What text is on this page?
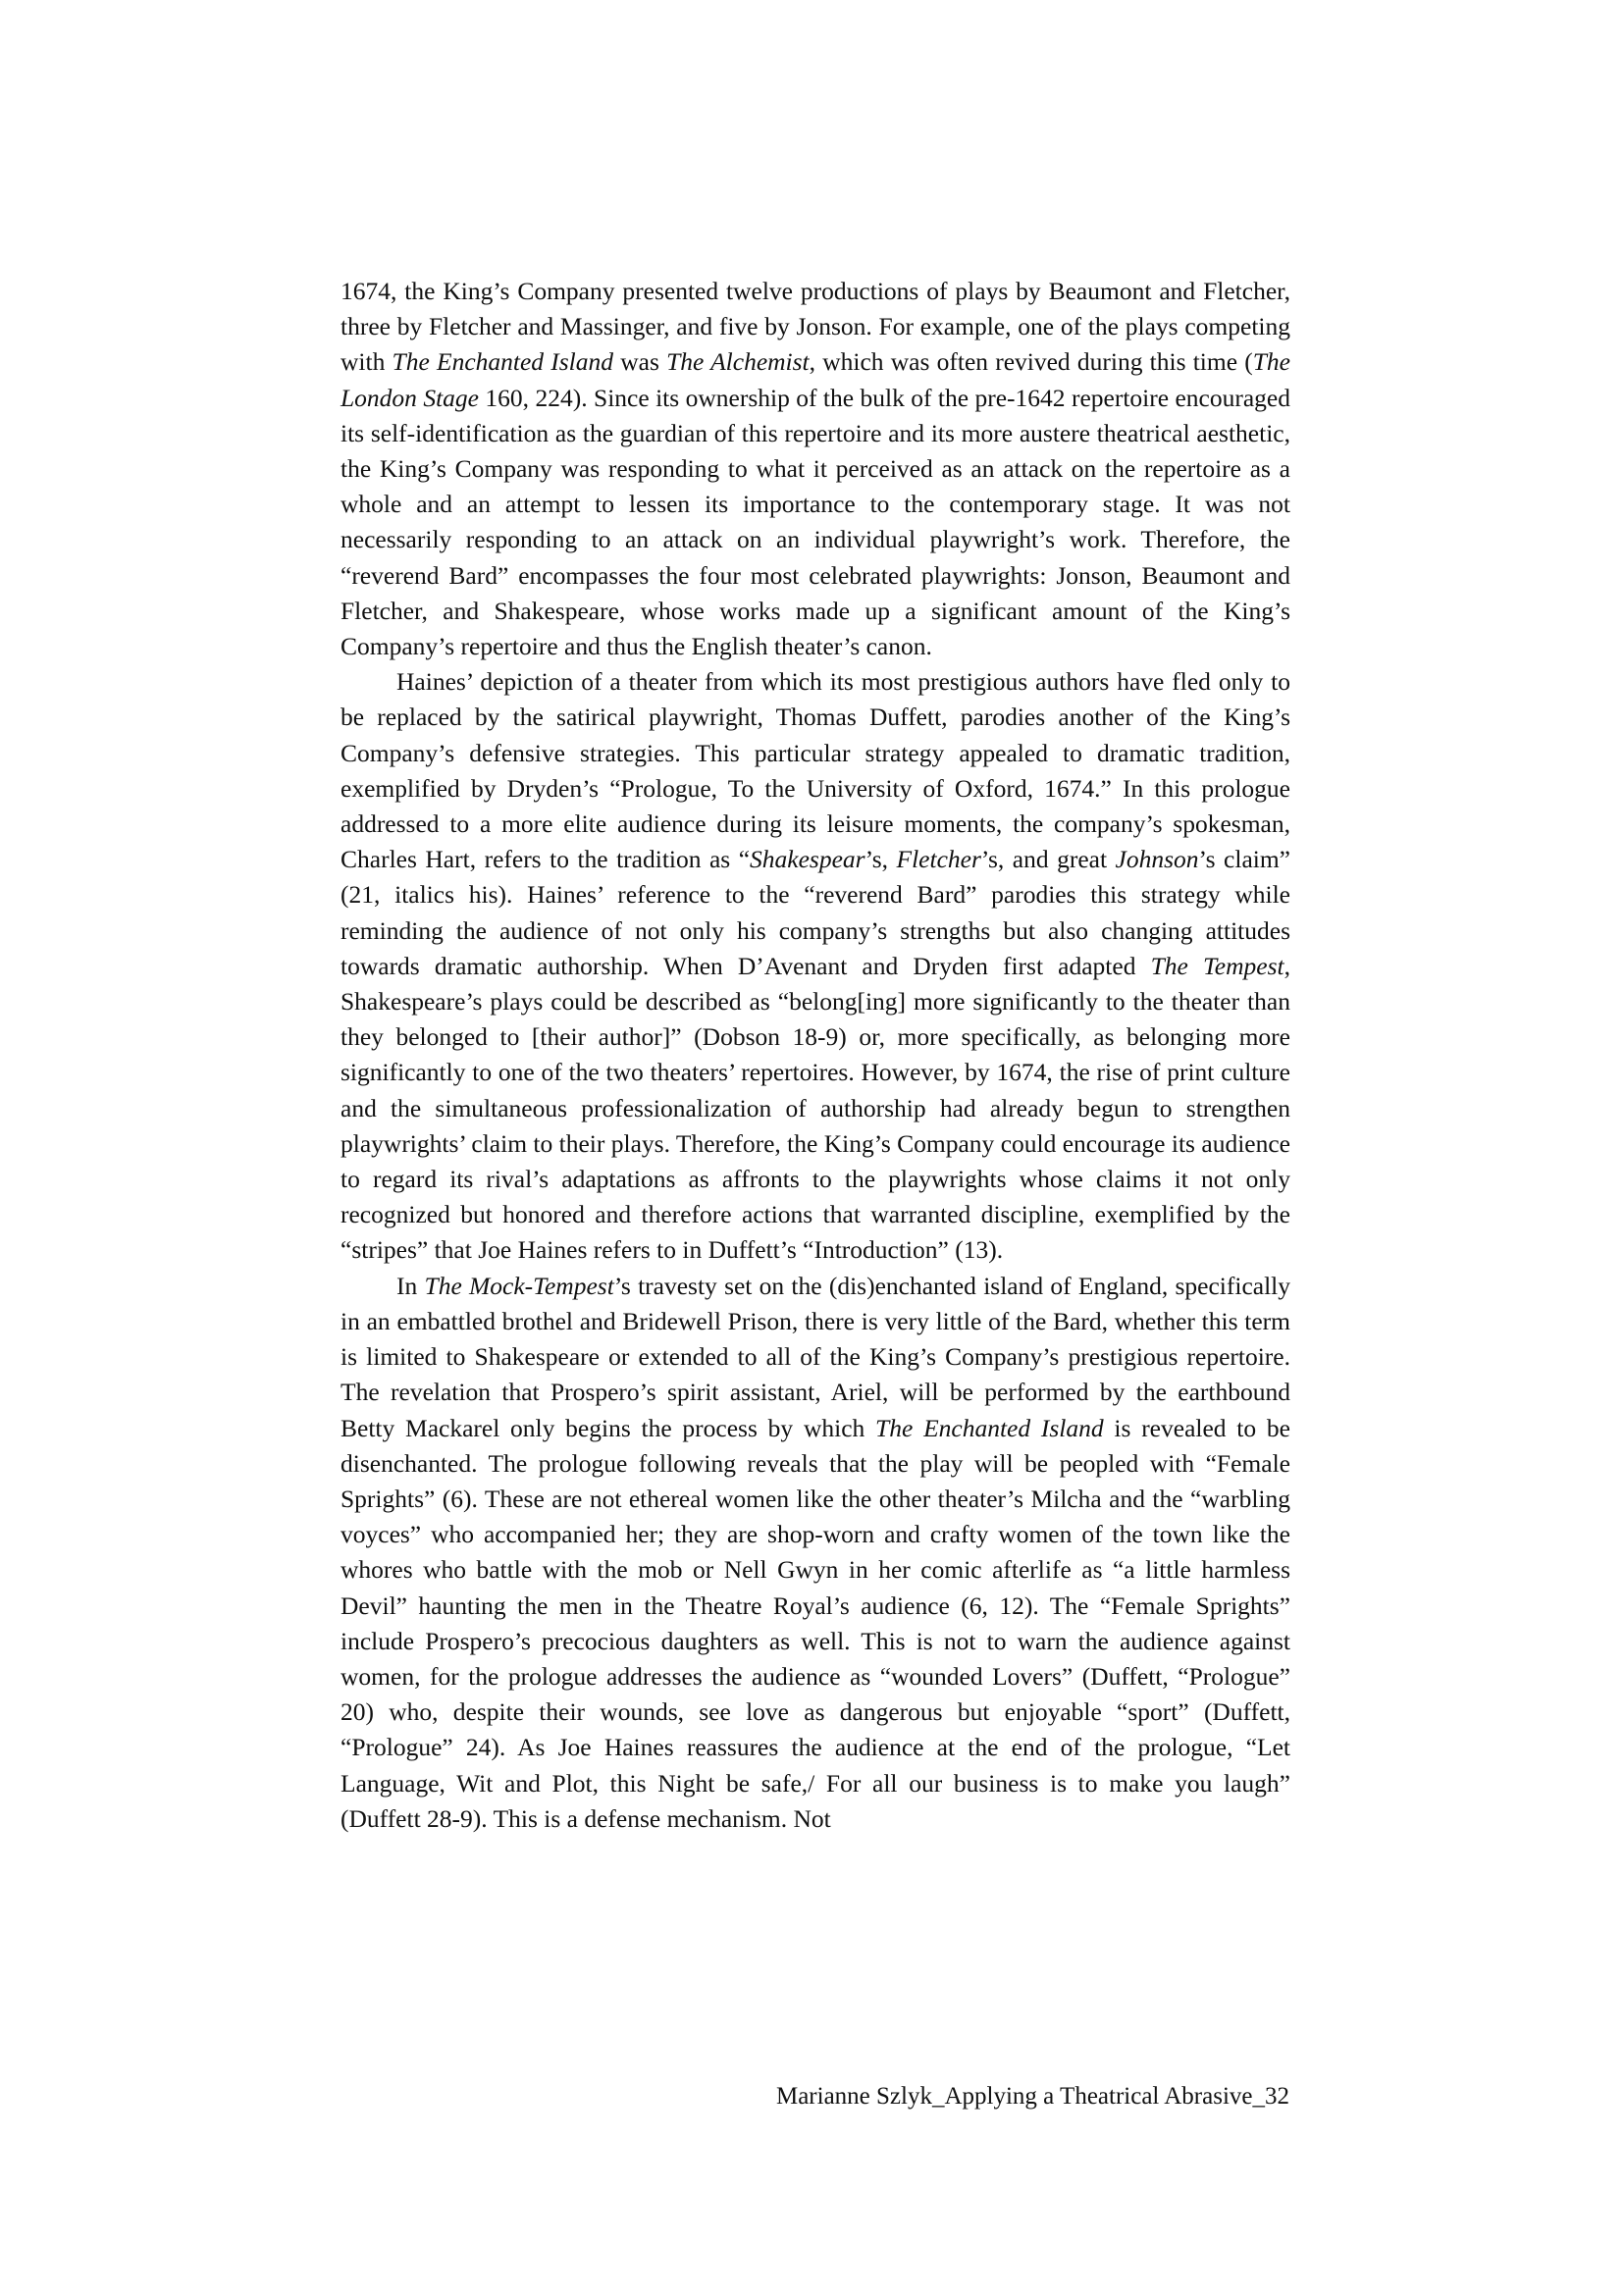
1674, the King’s Company presented twelve productions of plays by Beaumont and Fletcher, three by Fletcher and Massinger, and five by Jonson. For example, one of the plays competing with The Enchanted Island was The Alchemist, which was often revived during this time (The London Stage 160, 224). Since its ownership of the bulk of the pre-1642 repertoire encouraged its self-identification as the guardian of this repertoire and its more austere theatrical aesthetic, the King’s Company was responding to what it perceived as an attack on the repertoire as a whole and an attempt to lessen its importance to the contemporary stage. It was not necessarily responding to an attack on an individual playwright’s work. Therefore, the “reverend Bard” encompasses the four most celebrated playwrights: Jonson, Beaumont and Fletcher, and Shakespeare, whose works made up a significant amount of the King’s Company’s repertoire and thus the English theater’s canon.

Haines’ depiction of a theater from which its most prestigious authors have fled only to be replaced by the satirical playwright, Thomas Duffett, parodies another of the King’s Company’s defensive strategies. This particular strategy appealed to dramatic tradition, exemplified by Dryden’s “Prologue, To the University of Oxford, 1674.” In this prologue addressed to a more elite audience during its leisure moments, the company’s spokesman, Charles Hart, refers to the tradition as “Shakespear’s, Fletcher’s, and great Johnson’s claim” (21, italics his). Haines’ reference to the “reverend Bard” parodies this strategy while reminding the audience of not only his company’s strengths but also changing attitudes towards dramatic authorship. When D’Avenant and Dryden first adapted The Tempest, Shakespeare’s plays could be described as “belong[ing] more significantly to the theater than they belonged to [their author]” (Dobson 18-9) or, more specifically, as belonging more significantly to one of the two theaters’ repertoires. However, by 1674, the rise of print culture and the simultaneous professionalization of authorship had already begun to strengthen playwrights’ claim to their plays. Therefore, the King’s Company could encourage its audience to regard its rival’s adaptations as affronts to the playwrights whose claims it not only recognized but honored and therefore actions that warranted discipline, exemplified by the “stripes” that Joe Haines refers to in Duffett’s “Introduction” (13).

In The Mock-Tempest’s travesty set on the (dis)enchanted island of England, specifically in an embattled brothel and Bridewell Prison, there is very little of the Bard, whether this term is limited to Shakespeare or extended to all of the King’s Company’s prestigious repertoire. The revelation that Prospero’s spirit assistant, Ariel, will be performed by the earthbound Betty Mackarel only begins the process by which The Enchanted Island is revealed to be disenchanted. The prologue following reveals that the play will be peopled with “Female Sprights” (6). These are not ethereal women like the other theater’s Milcha and the “warbling voyces” who accompanied her; they are shop-worn and crafty women of the town like the whores who battle with the mob or Nell Gwyn in her comic afterlife as “a little harmless Devil” haunting the men in the Theatre Royal’s audience (6, 12). The “Female Sprights” include Prospero’s precocious daughters as well. This is not to warn the audience against women, for the prologue addresses the audience as “wounded Lovers” (Duffett, “Prologue” 20) who, despite their wounds, see love as dangerous but enjoyable “sport” (Duffett, “Prologue” 24). As Joe Haines reassures the audience at the end of the prologue, “Let Language, Wit and Plot, this Night be safe,/ For all our business is to make you laugh” (Duffett 28-9). This is a defense mechanism. Not

Marianne Szlyk_Applying a Theatrical Abrasive_32
